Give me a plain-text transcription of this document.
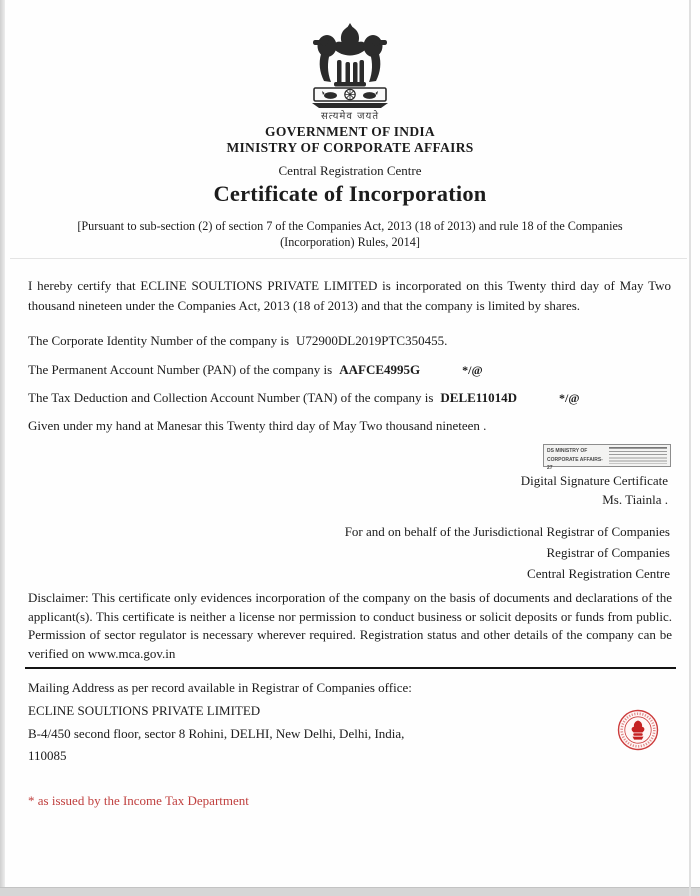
सत्यमेव जयते
GOVERNMENT OF INDIA
MINISTRY OF CORPORATE AFFAIRS
Central Registration Centre
Certificate of Incorporation
[Pursuant to sub-section (2) of section 7 of the Companies Act, 2013 (18 of 2013) and rule 18 of the Companies (Incorporation) Rules, 2014]
I hereby certify that ECLINE SOULTIONS PRIVATE LIMITED is incorporated on this Twenty third day of May Two thousand nineteen under the Companies Act, 2013 (18 of 2013) and that the company is limited by shares.
The Corporate Identity Number of the company is U72900DL2019PTC350455.
The Permanent Account Number (PAN) of the company is AAFCE4995G	*/@
The Tax Deduction and Collection Account Number (TAN) of the company is DELE11014D	*/@
Given under my hand at Manesar this Twenty third day of May Two thousand nineteen .
DS MINISTRY OF CORPORATE AFFAIRS-27
Digital Signature Certificate
Ms. Tiainla .
For and on behalf of the Jurisdictional Registrar of Companies
Registrar of Companies
Central Registration Centre
Disclaimer: This certificate only evidences incorporation of the company on the basis of documents and declarations of the applicant(s). This certificate is neither a license nor permission to conduct business or solicit deposits or funds from public. Permission of sector regulator is necessary wherever required. Registration status and other details of the company can be verified on www.mca.gov.in
Mailing Address as per record available in Registrar of Companies office:
ECLINE SOULTIONS PRIVATE LIMITED
B-4/450 second floor, sector 8 Rohini, DELHI, New Delhi, Delhi, India,
110085
* as issued by the Income Tax Department
